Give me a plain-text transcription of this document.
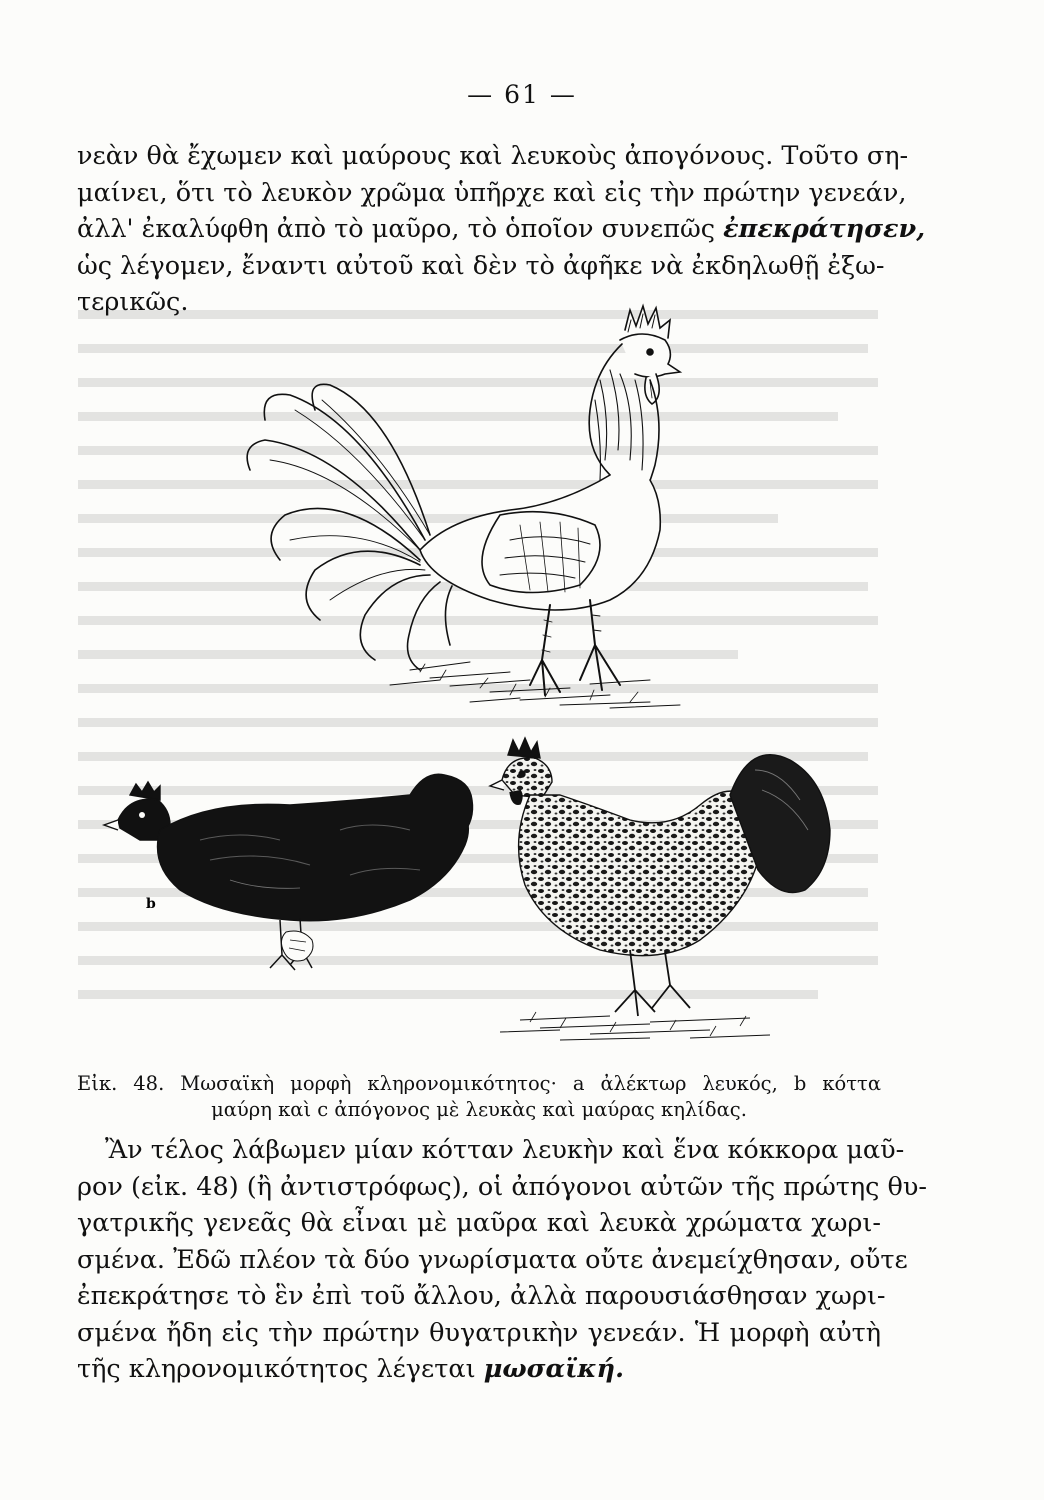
— 61 —
νεὰν θὰ ἔχωμεν καὶ μαύρους καὶ λευκοὺς ἀπογόνους. Τοῦτο ση-
μαίνει, ὅτι τὸ λευκὸν χρῶμα ὑπῆρχε καὶ εἰς τὴν πρώτην γενεάν,
ἀλλ' ἐκαλύφθη ἀπὸ τὸ μαῦρο, τὸ ὁποῖον συνεπῶς ἐπεκράτησεν,
ὡς λέγομεν, ἔναντι αὐτοῦ καὶ δὲν τὸ ἀφῆκε νὰ ἐκδηλωθῇ ἐξω-
τερικῶς.
b
Εἰκ. 48. Μωσαϊκὴ μορφὴ κληρονομικότητος· a ἀλέκτωρ λευκός, b κόττα
μαύρη καὶ c ἀπόγονος μὲ λευκὰς καὶ μαύρας κηλίδας.
Ἂν τέλος λάβωμεν μίαν κότταν λευκὴν καὶ ἕνα κόκκορα μαῦ-
ρον (εἰκ. 48) (ἢ ἀντιστρόφως), οἱ ἀπόγονοι αὐτῶν τῆς πρώτης θυ-
γατρικῆς γενεᾶς θὰ εἶναι μὲ μαῦρα καὶ λευκὰ χρώματα χωρι-
σμένα. Ἐδῶ πλέον τὰ δύο γνωρίσματα οὔτε ἀνεμείχθησαν, οὔτε
ἐπεκράτησε τὸ ἓν ἐπὶ τοῦ ἄλλου, ἀλλὰ παρουσιάσθησαν χωρι-
σμένα ἤδη εἰς τὴν πρώτην θυγατρικὴν γενεάν. Ἡ μορφὴ αὐτὴ
τῆς κληρονομικότητος λέγεται μωσαϊκή.
